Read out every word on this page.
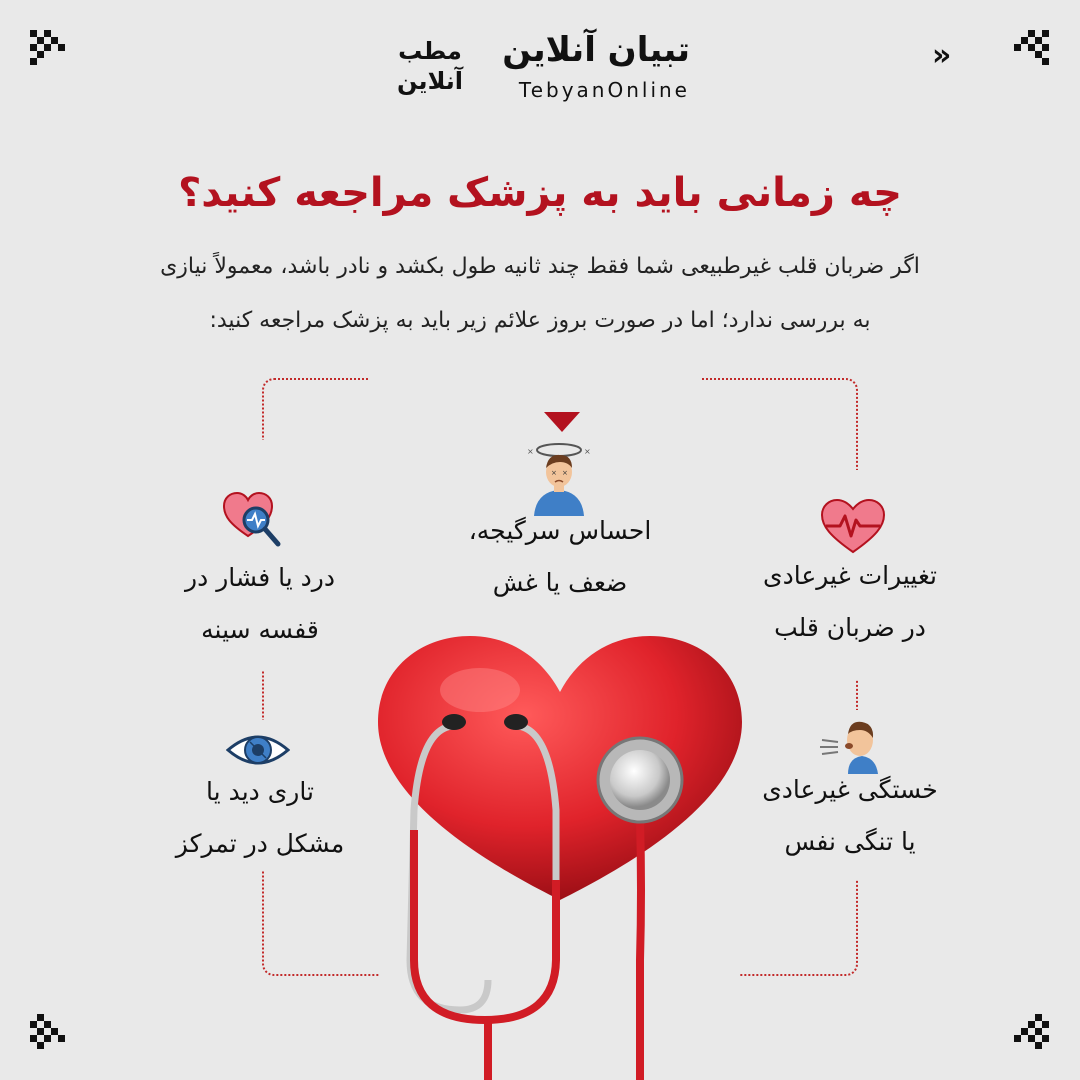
تبیان آنلاین
TebyanOnline
مطب
آنلاین
»
چه زمانی باید به پزشک مراجعه کنید؟
اگر ضربان قلب غیرطبیعی شما فقط چند ثانیه طول بکشد و نادر باشد، معمولاً نیازی به بررسی ندارد؛ اما در صورت بروز علائم زیر باید به پزشک مراجعه کنید:
×	×
× ×
احساس سرگیجه،
ضعف یا غش	تغییرات غیرعادی
در ضربان قلب
درد یا فشار در
قفسه سینه
خستگی غیرعادی
یا تنگی نفس
تاری دید یا
مشکل در تمرکز
